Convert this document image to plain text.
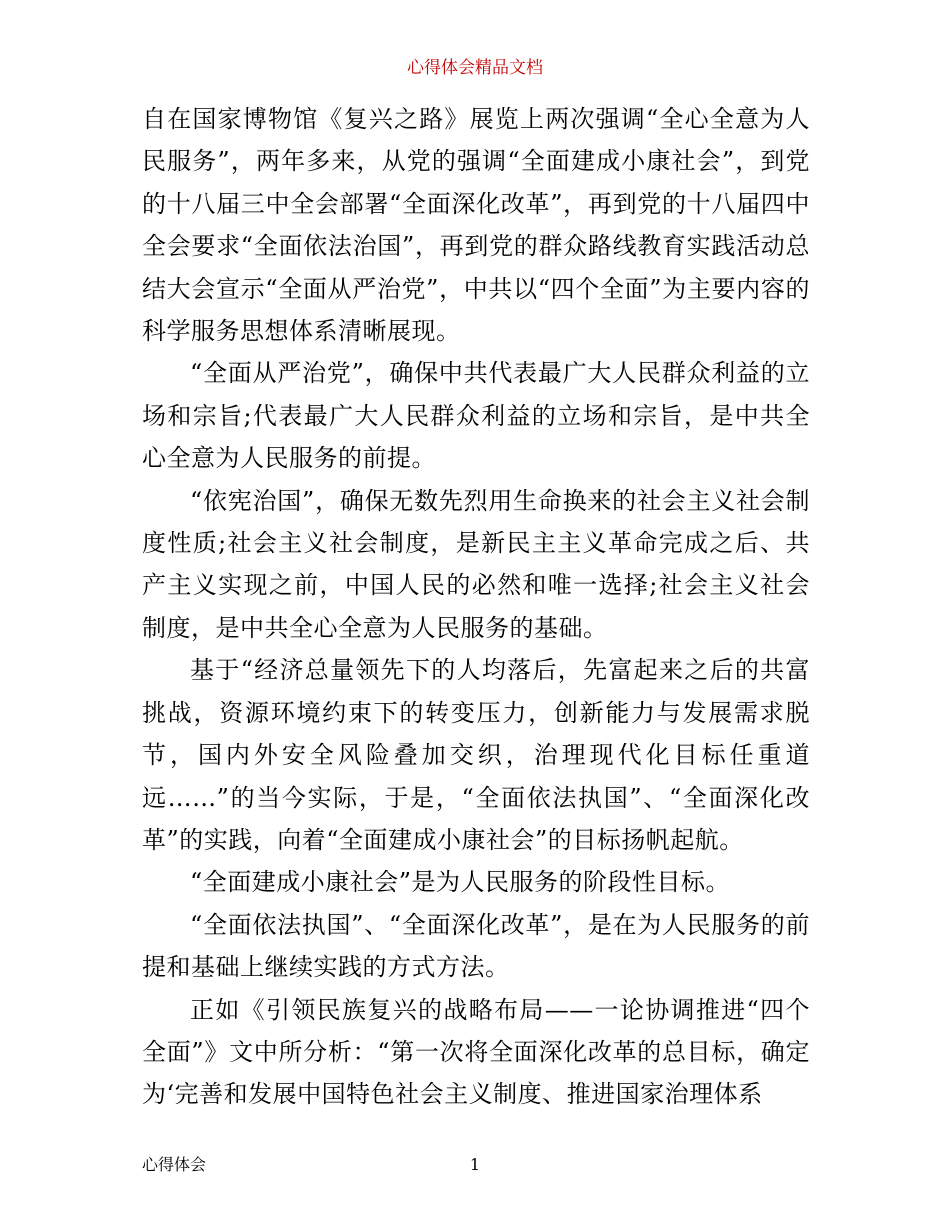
心得体会精品文档

自在国家博物馆《复兴之路》展览上两次强调“全心全意为人民服务”，两年多来，从党的强调“全面建成小康社会”，到党的十八届三中全会部署“全面深化改革”，再到党的十八届四中全会要求“全面依法治国”，再到党的群众路线教育实践活动总结大会宣示“全面从严治党”，中共以“四个全面”为主要内容的科学服务思想体系清晰展现。

“全面从严治党”，确保中共代表最广大人民群众利益的立场和宗旨;代表最广大人民群众利益的立场和宗旨，是中共全心全意为人民服务的前提。

“依宪治国”，确保无数先烈用生命换来的社会主义社会制度性质;社会主义社会制度，是新民主主义革命完成之后、共产主义实现之前，中国人民的必然和唯一选择;社会主义社会制度，是中共全心全意为人民服务的基础。

基于“经济总量领先下的人均落后，先富起来之后的共富挑战，资源环境约束下的转变压力，创新能力与发展需求脱节，国内外安全风险叠加交织，治理现代化目标任重道远……”的当今实际，于是，“全面依法执国”、“全面深化改革”的实践，向着“全面建成小康社会”的目标扬帆起航。

“全面建成小康社会”是为人民服务的阶段性目标。

“全面依法执国”、“全面深化改革”，是在为人民服务的前提和基础上继续实践的方式方法。

正如《引领民族复兴的战略布局——一论协调推进“四个全面”》文中所分析：“第一次将全面深化改革的总目标，确定为‘完善和发展中国特色社会主义制度、推进国家治理体系

心得体会	1
